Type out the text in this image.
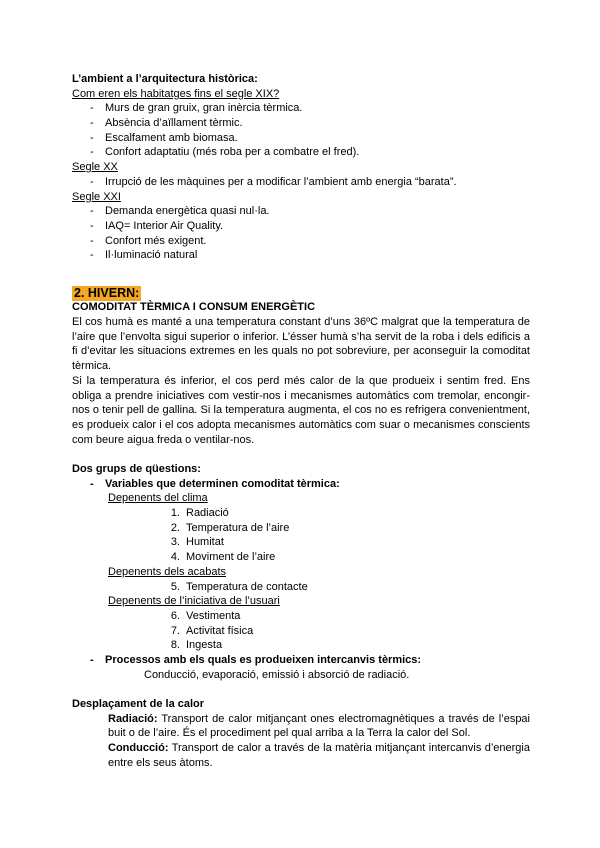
L’ambient a l’arquitectura històrica:
Com eren els habitatges fins el segle XIX?
- Murs de gran gruix, gran inèrcia tèrmica.
- Absència d’aïllament tèrmic.
- Escalfament amb biomasa.
- Confort adaptatiu (més roba per a combatre el fred).
Segle XX
- Irrupció de les màquines per a modificar l’ambient amb energia “barata”.
Segle XXI
- Demanda energètica quasi nul·la.
- IAQ= Interior Air Quality.
- Confort més exigent.
- Il·luminació natural
2. HIVERN:
COMODITAT TÈRMICA I CONSUM ENERGÈTIC
El cos humà es manté a una temperatura constant d’uns 36ºC malgrat que la temperatura de l’aire que l’envolta sigui superior o inferior. L’ésser humà s’ha servit de la roba i dels edificis a fi d’evitar les situacions extremes en les quals no pot sobreviure, per aconseguir la comoditat tèrmica.
Si la temperatura és inferior, el cos perd més calor de la que produeix i sentim fred. Ens obliga a prendre iniciatives com vestir-nos i mecanismes automàtics com tremolar, encongir-nos o tenir pell de gallina. Si la temperatura augmenta, el cos no es refrigera convenientment, es produeix calor i el cos adopta mecanismes automàtics com suar o mecanismes conscients com beure aigua freda o ventilar-nos.
Dos grups de qüestions:
- Variables que determinen comoditat tèrmica:
Depenents del clima
1. Radiació
2. Temperatura de l’aire
3. Humitat
4. Moviment de l’aire
Depenents dels acabats
5. Temperatura de contacte
Depenents de l’iniciativa de l’usuari
6. Vestimenta
7. Activitat física
8. Ingesta
- Processos amb els quals es produeixen intercanvis tèrmics:
Conducció, evaporació, emissió i absorció de radiació.
Desplaçament de la calor
Radiació: Transport de calor mitjançant ones electromagnètiques a través de l’espai buit o de l’aire. És el procediment pel qual arriba a la Terra la calor del Sol.
Conducció: Transport de calor a través de la matèria mitjançant intercanvis d’energia entre els seus àtoms.
